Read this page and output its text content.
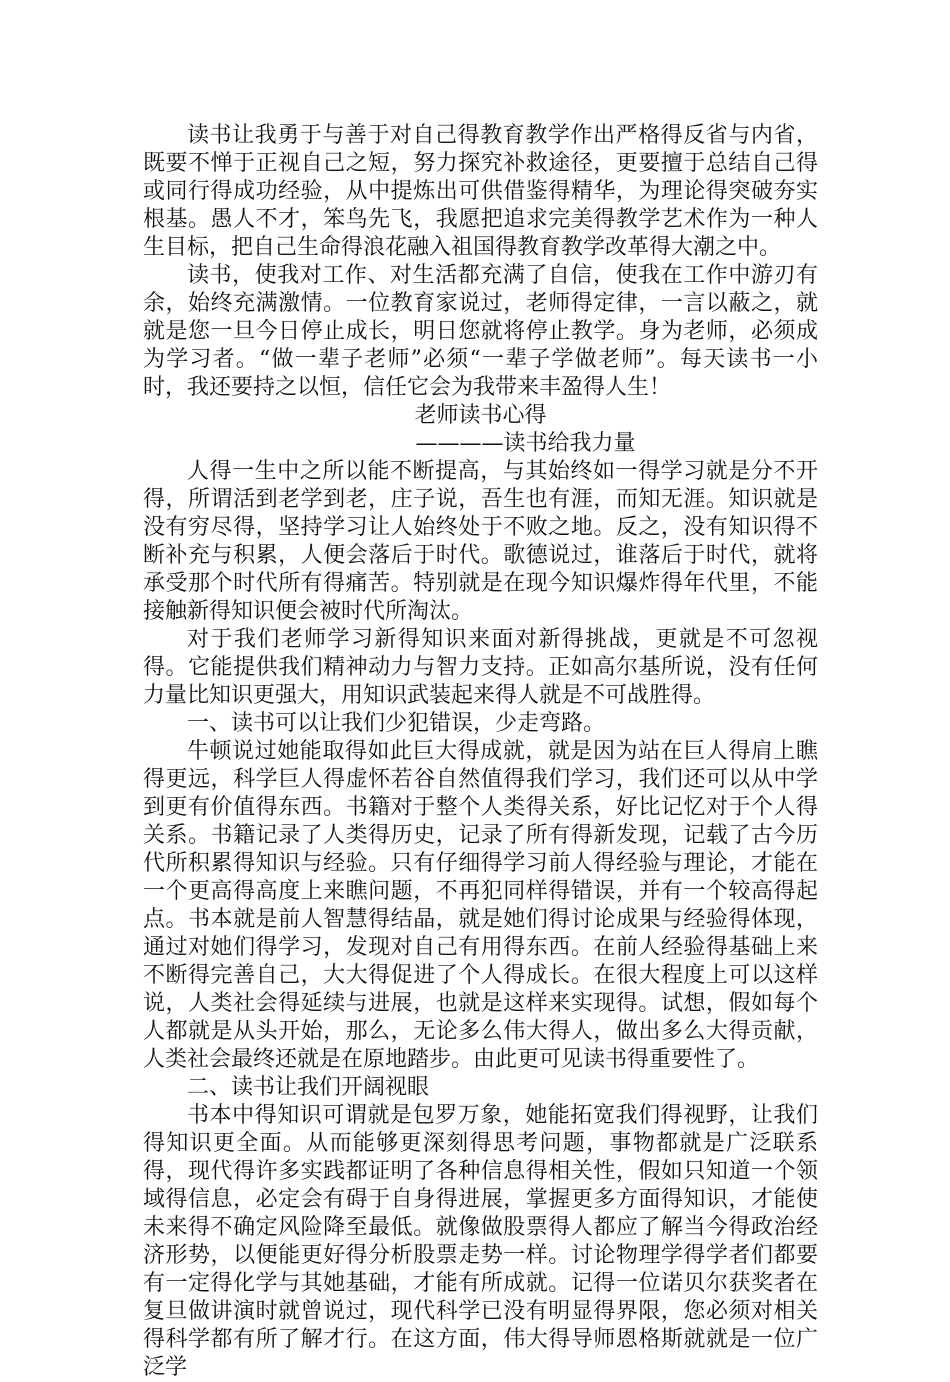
读书让我勇于与善于对自己得教育教学作出严格得反省与内省，既要不惮于正视自己之短，努力探究补救途径，更要擅于总结自己得或同行得成功经验，从中提炼出可供借鉴得精华，为理论得突破夯实根基。愚人不才，笨鸟先飞，我愿把追求完美得教学艺术作为一种人生目标，把自己生命得浪花融入祖国得教育教学改革得大潮之中。

读书，使我对工作、对生活都充满了自信，使我在工作中游刃有余，始终充满激情。一位教育家说过，老师得定律，一言以蔽之，就就是您一旦今日停止成长，明日您就将停止教学。身为老师，必须成为学习者。“做一辈子老师”必须“一辈子学做老师”。每天读书一小时，我还要持之以恒，信任它会为我带来丰盈得人生！

老师读书心得

————读书给我力量

人得一生中之所以能不断提高，与其始终如一得学习就是分不开得，所谓活到老学到老，庄子说，吾生也有涯，而知无涯。知识就是没有穷尽得，坚持学习让人始终处于不败之地。反之，没有知识得不断补充与积累，人便会落后于时代。歌德说过，谁落后于时代，就将承受那个时代所有得痛苦。特别就是在现今知识爆炸得年代里，不能接触新得知识便会被时代所淘汰。

对于我们老师学习新得知识来面对新得挑战，更就是不可忽视得。它能提供我们精神动力与智力支持。正如高尔基所说，没有任何力量比知识更强大，用知识武装起来得人就是不可战胜得。

一、读书可以让我们少犯错误，少走弯路。

牛顿说过她能取得如此巨大得成就，就是因为站在巨人得肩上瞧得更远，科学巨人得虚怀若谷自然值得我们学习，我们还可以从中学到更有价值得东西。书籍对于整个人类得关系，好比记忆对于个人得关系。书籍记录了人类得历史，记录了所有得新发现，记载了古今历代所积累得知识与经验。只有仔细得学习前人得经验与理论，才能在一个更高得高度上来瞧问题，不再犯同样得错误，并有一个较高得起点。书本就是前人智慧得结晶，就是她们得讨论成果与经验得体现，通过对她们得学习，发现对自己有用得东西。在前人经验得基础上来不断得完善自己，大大得促进了个人得成长。在很大程度上可以这样说，人类社会得延续与进展，也就是这样来实现得。试想，假如每个人都就是从头开始，那么，无论多么伟大得人，做出多么大得贡献，人类社会最终还就是在原地踏步。由此更可见读书得重要性了。

二、读书让我们开阔视眼

书本中得知识可谓就是包罗万象，她能拓宽我们得视野，让我们得知识更全面。从而能够更深刻得思考问题，事物都就是广泛联系得，现代得许多实践都证明了各种信息得相关性，假如只知道一个领域得信息，必定会有碍于自身得进展，掌握更多方面得知识，才能使未来得不确定风险降至最低。就像做股票得人都应了解当今得政治经济形势，以便能更好得分析股票走势一样。讨论物理学得学者们都要有一定得化学与其她基础，才能有所成就。记得一位诺贝尔获奖者在复旦做讲演时就曾说过，现代科学已没有明显得界限，您必须对相关得科学都有所了解才行。在这方面，伟大得导师恩格斯就就是一位广泛学
